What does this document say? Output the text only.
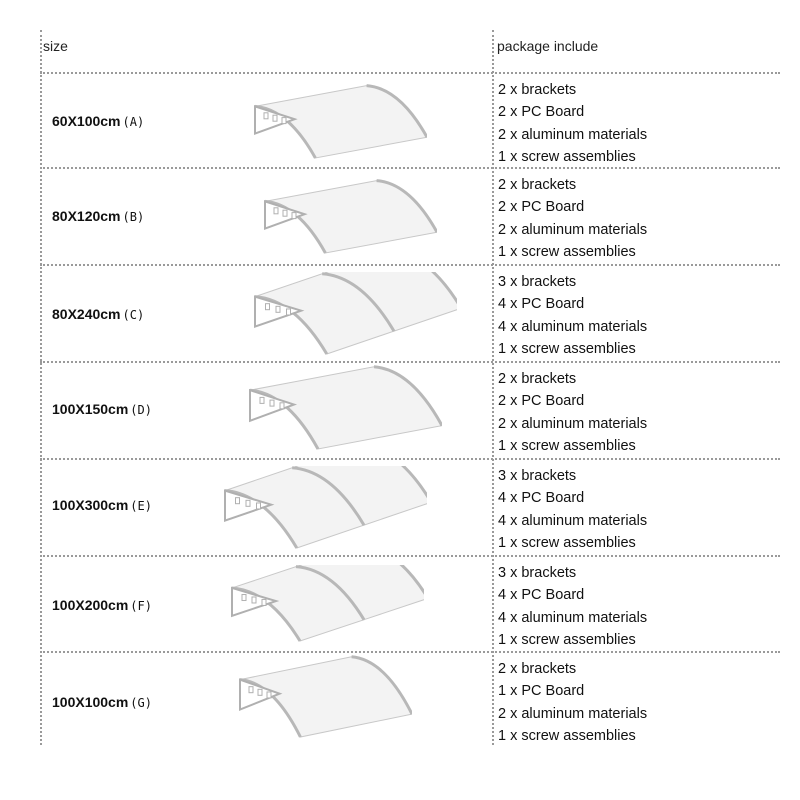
size	package include
60X100cm (A)
2 x brackets
2 x PC Board
2 x aluminum materials
1 x screw assemblies
80X120cm (B)
2 x brackets
2 x PC Board
2 x aluminum materials
1 x screw assemblies
80X240cm (C)
3 x brackets
4 x PC Board
4 x aluminum materials
1 x screw assemblies
100X150cm (D)
2 x brackets
2 x PC Board
2 x aluminum materials
1 x screw assemblies
100X300cm (E)
3 x brackets
4 x PC Board
4 x aluminum materials
1 x screw assemblies
100X200cm (F)
3 x brackets
4 x PC Board
4 x aluminum materials
1 x screw assemblies
100X100cm (G)
2 x brackets
1 x PC Board
2 x aluminum materials
1 x screw assemblies
